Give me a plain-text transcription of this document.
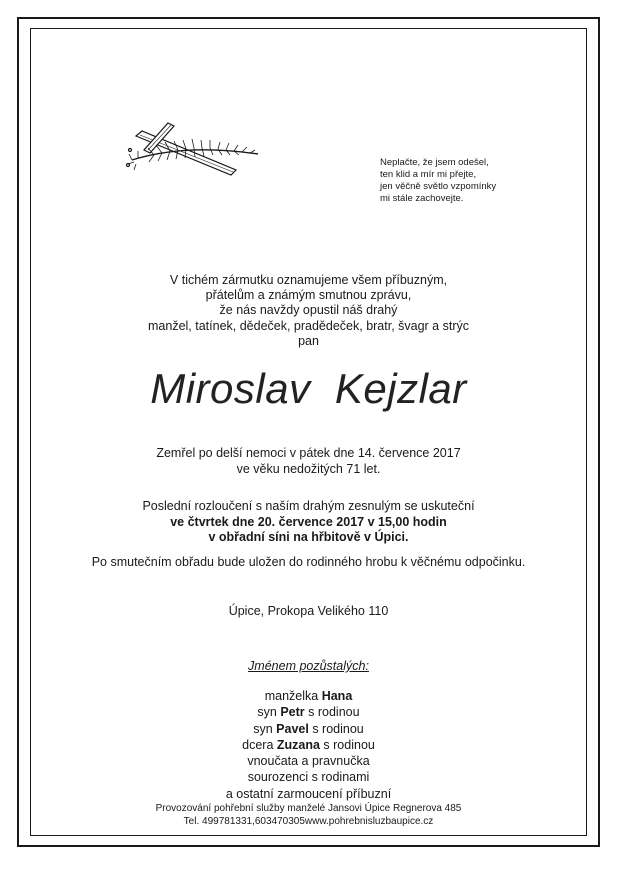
Neplačte, že jsem odešel,
ten klid a mír mi přejte,
jen věčně světlo vzpomínky
mi stále zachovejte.
V tichém zármutku oznamujeme všem příbuzným,
přátelům a známým smutnou zprávu,
že nás navždy opustil náš drahý
manžel, tatínek, dědeček, pradědeček, bratr, švagr a strýc
pan
Miroslav  Kejzlar
Zemřel po delší nemoci v pátek dne 14. července 2017
ve věku nedožitých 71 let.
Poslední rozloučení s naším drahým zesnulým se uskuteční
ve čtvrtek dne 20. července 2017 v 15,00 hodin
v obřadní síni na hřbitově v Úpici.
Po smutečním obřadu bude uložen do rodinného hrobu k věčnému odpočinku.
Úpice, Prokopa Velikého 110
Jménem pozůstalých:
manželka Hana
syn Petr s rodinou
syn Pavel s rodinou
dcera Zuzana s rodinou
vnoučata a pravnučka
sourozenci s rodinami
a ostatní zarmoucení příbuzní
Provozování pohřební služby manželé Jansovi Úpice Regnerova 485
Tel. 499781331,603470305www.pohrebnisluzbaupice.cz
